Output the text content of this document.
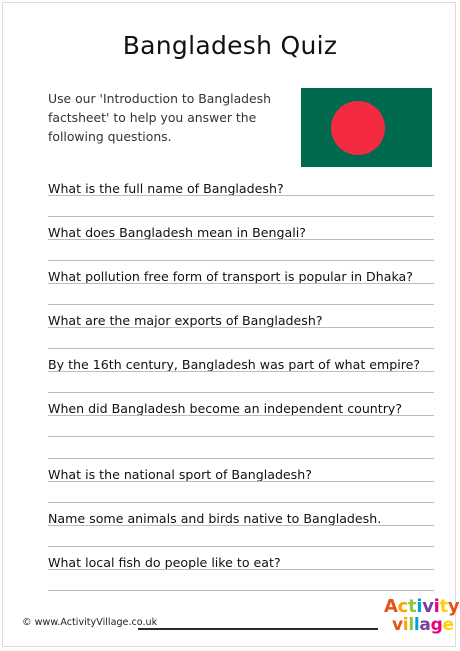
Bangladesh Quiz
Use our 'Introduction to Bangladesh factsheet' to help you answer the following questions.
What is the full name of Bangladesh?
What does Bangladesh mean in Bengali?
What pollution free form of transport is popular in Dhaka?
What are the major exports of Bangladesh?
By the 16th century, Bangladesh was part of what empire?
When did Bangladesh become an independent country?
What is the national sport of Bangladesh?
Name some animals and birds native to Bangladesh.
What local fish do people like to eat?
© www.ActivityVillage.co.uk
Activity
village
